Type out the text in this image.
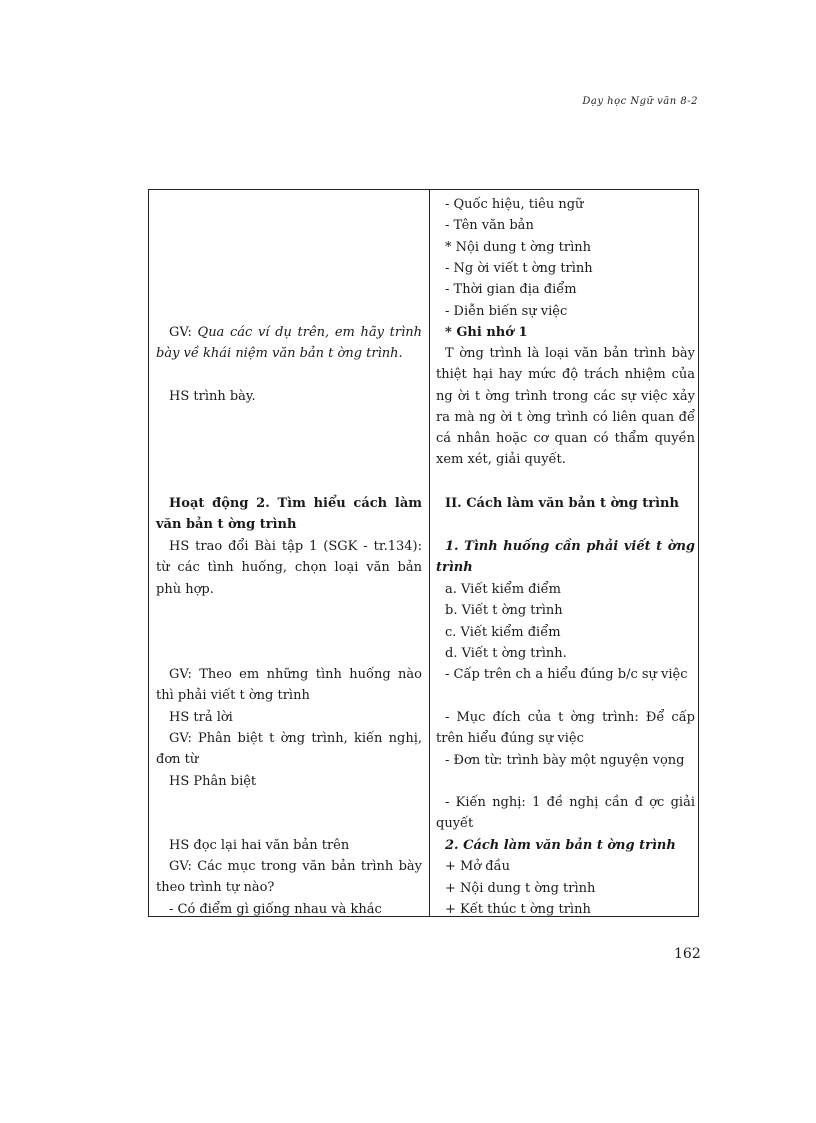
Dạy học Ngữ văn 8-2
GV: Qua các ví dụ trên, em hãy trình bày về khái niệm văn bản t ờng trình.
HS trình bày.
Hoạt động 2. Tìm hiểu cách làm văn bản t ờng trình
HS trao đổi Bài tập 1 (SGK - tr.134): từ các tình huống, chọn loại văn bản phù hợp.
GV: Theo em những tình huống nào thì phải viết t ờng trình
HS trả lời
GV: Phân biệt t ờng trình, kiến nghị, đơn từ
HS Phân biệt
HS đọc lại hai văn bản trên
GV: Các mục trong văn bản trình bày theo trình tự nào?
- Có điểm gì giống nhau và khác
- Quốc hiệu, tiêu ngữ
- Tên văn bản
* Nội dung t ờng trình
- Ng ời viết t ờng trình
- Thời gian địa điểm
- Diễn biến sự việc
* Ghi nhớ 1
T ờng trình là loại văn bản trình bày thiệt hại hay mức độ trách nhiệm của ng ời t ờng trình trong các sự việc xảy ra mà ng ời t ờng trình có liên quan để cá nhân hoặc cơ quan có thẩm quyền xem xét, giải quyết.
II. Cách làm văn bản t ờng trình
1. Tình huống cần phải viết t ờng trình
a. Viết kiểm điểm
b. Viết t ờng trình
c. Viết kiểm điểm
d. Viết t ờng trình.
- Cấp trên ch a hiểu đúng b/c sự việc
- Mục đích của t ờng trình: Để cấp trên hiểu đúng sự việc
- Đơn từ: trình bày một nguyện vọng
- Kiến nghị: 1 đề nghị cần đ ợc giải quyết
2. Cách làm văn bản t ờng trình
+ Mở đầu
+ Nội dung t ờng trình
+ Kết thúc t ờng trình
162
